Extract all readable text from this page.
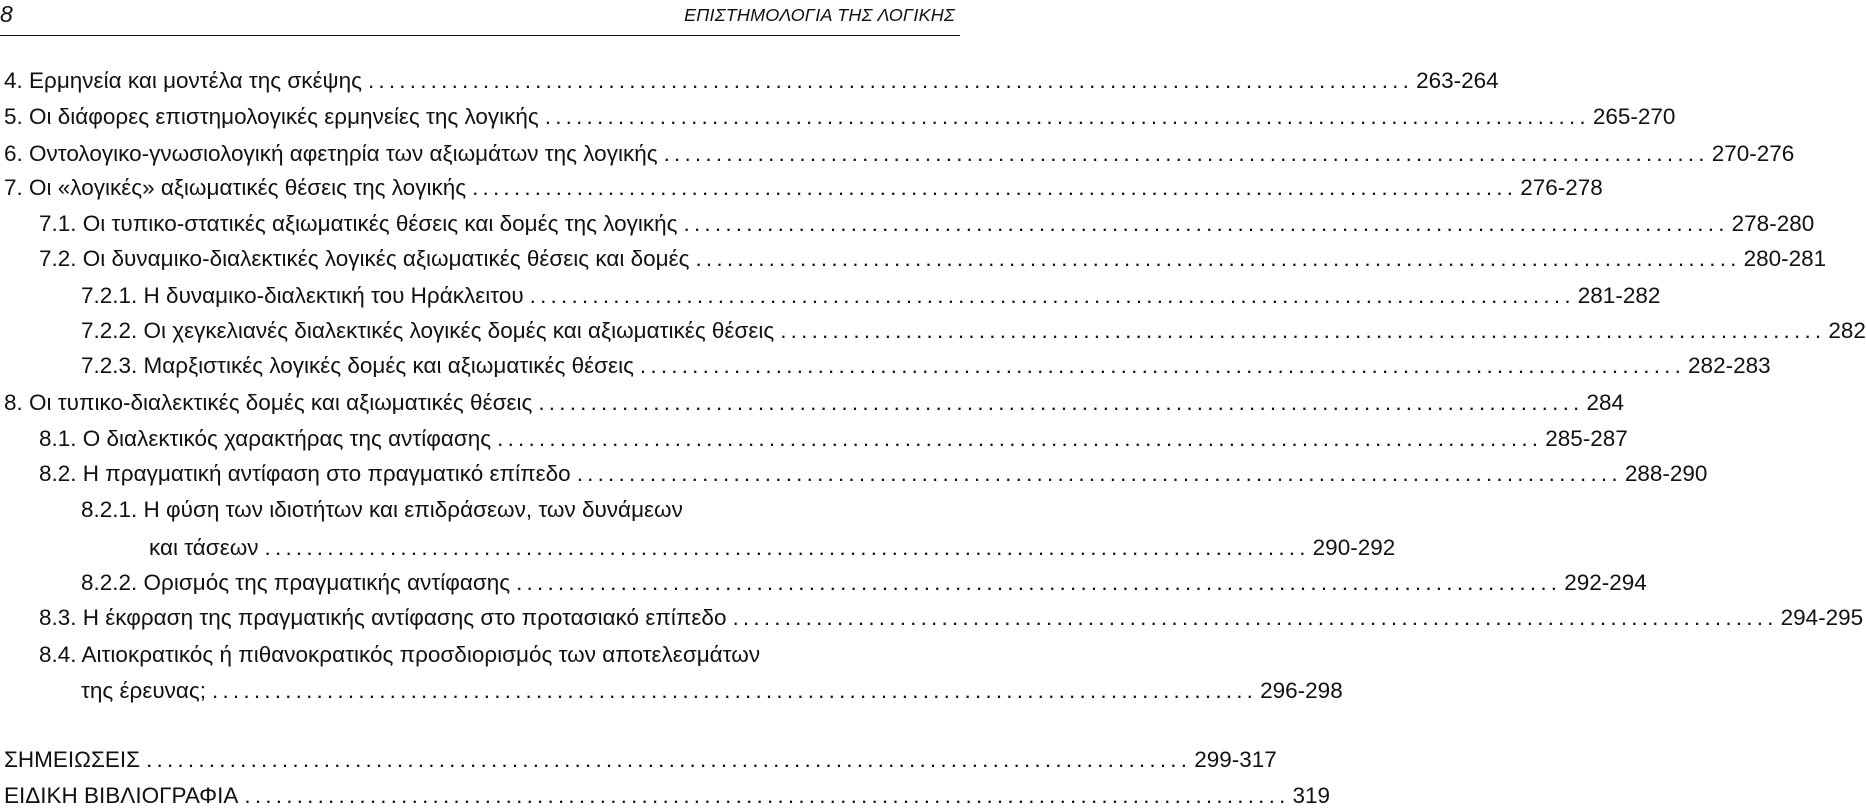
8	ΕΠΙΣΤΗΜΟΛΟΓΙΑ ΤΗΣ ΛΟΓΙΚΗΣ
4. Ερμηνεία και μοντέλα της σκέψης .................................................................................................... 263-264
5. Οι διάφορες επιστημολογικές ερμηνείες της λογικής .................................................................................................... 265-270
6. Οντολογικο-γνωσιολογική αφετηρία των αξιωμάτων της λογικής .................................................................................................... 270-276
7. Οι «λογικές» αξιωματικές θέσεις της λογικής .................................................................................................... 276-278
7.1. Οι τυπικο-στατικές αξιωματικές θέσεις και δομές της λογικής .................................................................................................... 278-280
7.2. Οι δυναμικο-διαλεκτικές λογικές αξιωματικές θέσεις και δομές .................................................................................................... 280-281
7.2.1. Η δυναμικο-διαλεκτική του Ηράκλειτου .................................................................................................... 281-282
7.2.2. Οι χεγκελιανές διαλεκτικές λογικές δομές και αξιωματικές θέσεις .................................................................................................... 282
7.2.3. Μαρξιστικές λογικές δομές και αξιωματικές θέσεις .................................................................................................... 282-283
8. Οι τυπικο-διαλεκτικές δομές και αξιωματικές θέσεις .................................................................................................... 284
8.1. Ο διαλεκτικός χαρακτήρας της αντίφασης .................................................................................................... 285-287
8.2. Η πραγματική αντίφαση στο πραγματικό επίπεδο .................................................................................................... 288-290
8.2.1. Η φύση των ιδιοτήτων και επιδράσεων, των δυνάμεων
και τάσεων .................................................................................................... 290-292
8.2.2. Ορισμός της πραγματικής αντίφασης .................................................................................................... 292-294
8.3. Η έκφραση της πραγματικής αντίφασης στο προτασιακό επίπεδο .................................................................................................... 294-295
8.4. Αιτιοκρατικός ή πιθανοκρατικός προσδιορισμός των αποτελεσμάτων
της έρευνας; .................................................................................................... 296-298
ΣΗΜΕΙΩΣΕΙΣ .................................................................................................... 299-317
ΕΙΔΙΚΗ ΒΙΒΛΙΟΓΡΑΦΙΑ .................................................................................................... 319
